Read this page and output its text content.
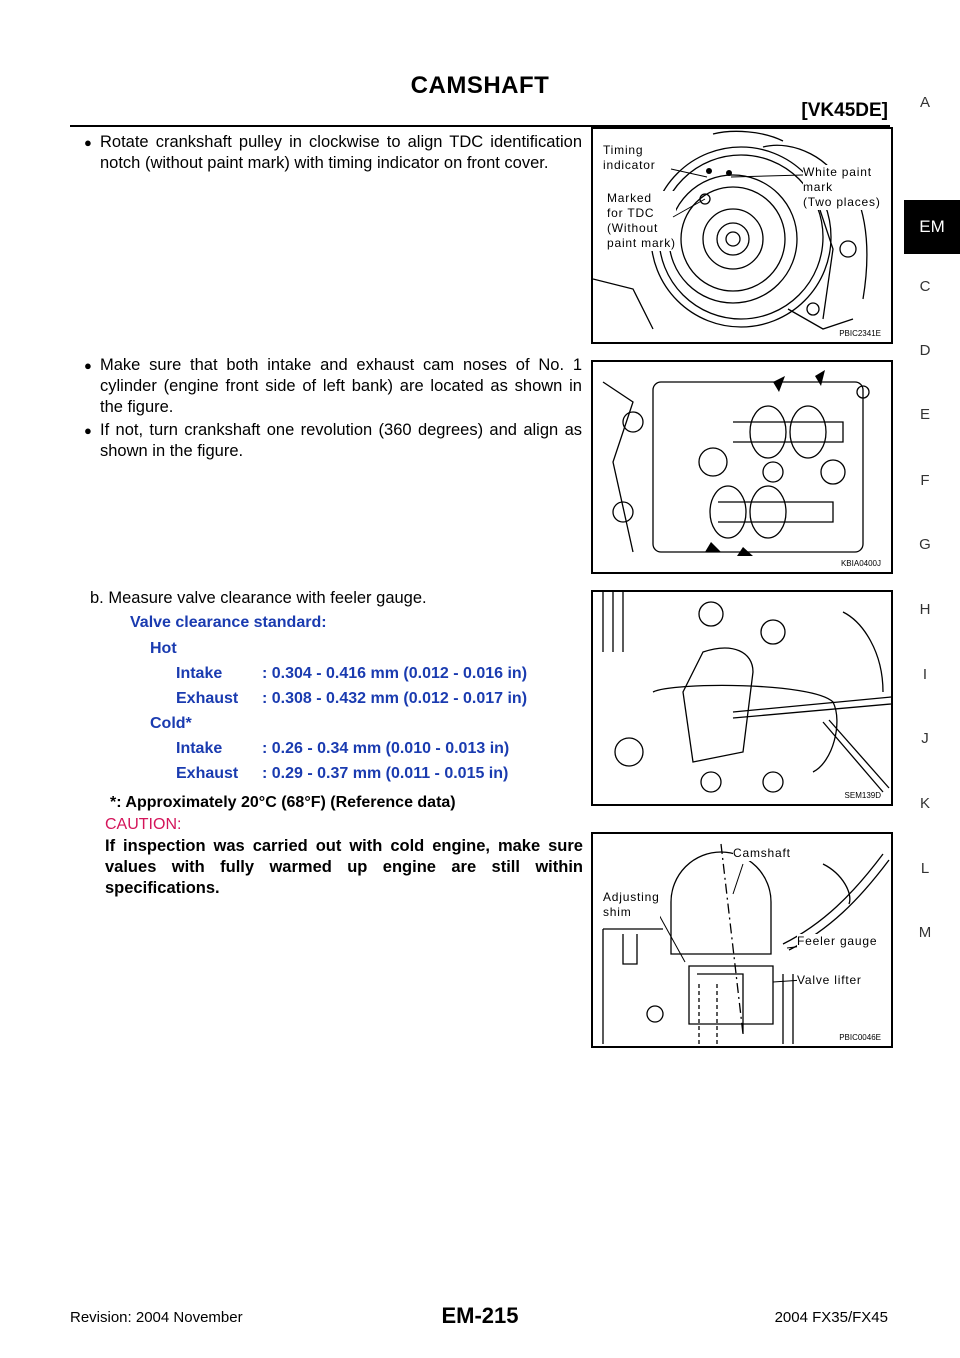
CAMSHAFT
[VK45DE]	A
EM
C
D
E
F
G
H
I
J
K
L
M
● Rotate crankshaft pulley in clockwise to align TDC identification notch (without paint mark) with timing indicator on front cover.
● Make sure that both intake and exhaust cam noses of No. 1 cylinder (engine front side of left bank) are located as shown in the figure.
● If not, turn crankshaft one revolution (360 degrees) and align as shown in the figure.
Timing
indicator	White paint
mark
(Two places)
Marked
for TDC
(Without
paint mark)
PBIC2341E
KBIA0400J
b. Measure valve clearance with feeler gauge.
Valve clearance standard:
Hot
Intake : 0.304 - 0.416 mm (0.012 - 0.016 in)
Exhaust : 0.308 - 0.432 mm (0.012 - 0.017 in)
Cold*
Intake : 0.26 - 0.34 mm (0.010 - 0.013 in)
Exhaust : 0.29 - 0.37 mm (0.011 - 0.015 in)
*: Approximately 20°C (68°F) (Reference data)
CAUTION:
If inspection was carried out with cold engine, make sure values with fully warmed up engine are still within specifications.
SEM139D
Camshaft
Adjusting
shim
Feeler gauge
Valve lifter
PBIC0046E
Revision: 2004 November	EM-215	2004 FX35/FX45
